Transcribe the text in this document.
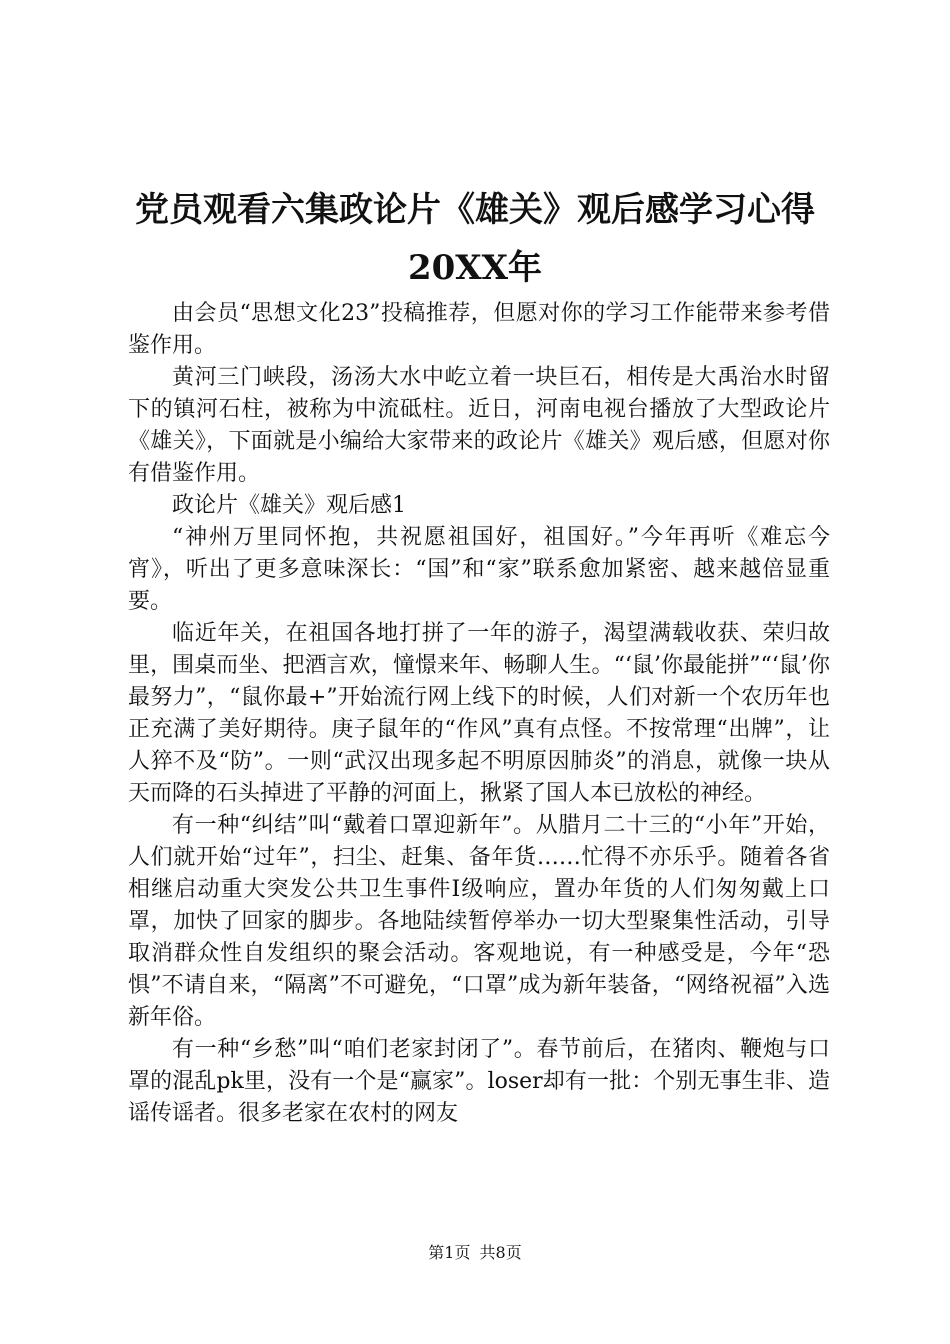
党员观看六集政论片《雄关》观后感学习心得
20XX年

由会员“思想文化23”投稿推荐，但愿对你的学习工作能带来参考借鉴作用。

黄河三门峡段，汤汤大水中屹立着一块巨石，相传是大禹治水时留下的镇河石柱，被称为中流砥柱。近日，河南电视台播放了大型政论片《雄关》，下面就是小编给大家带来的政论片《雄关》观后感，但愿对你有借鉴作用。

政论片《雄关》观后感1

“神州万里同怀抱，共祝愿祖国好，祖国好。”今年再听《难忘今宵》，听出了更多意味深长：“国”和“家”联系愈加紧密、越来越倍显重要。

临近年关，在祖国各地打拼了一年的游子，渴望满载收获、荣归故里，围桌而坐、把酒言欢，憧憬来年、畅聊人生。“‘鼠’你最能拼”“‘鼠’你最努力”，“鼠你最+”开始流行网上线下的时候，人们对新一个农历年也正充满了美好期待。庚子鼠年的“作风”真有点怪。不按常理“出牌”，让人猝不及“防”。一则“武汉出现多起不明原因肺炎”的消息，就像一块从天而降的石头掉进了平静的河面上，揪紧了国人本已放松的神经。

有一种“纠结”叫“戴着口罩迎新年”。从腊月二十三的“小年”开始，人们就开始“过年”，扫尘、赶集、备年货……忙得不亦乐乎。随着各省相继启动重大突发公共卫生事件Ⅰ级响应，置办年货的人们匆匆戴上口罩，加快了回家的脚步。各地陆续暂停举办一切大型聚集性活动，引导取消群众性自发组织的聚会活动。客观地说，有一种感受是，今年“恐惧”不请自来，“隔离”不可避免，“口罩”成为新年装备，“网络祝福”入选新年俗。

有一种“乡愁”叫“咱们老家封闭了”。春节前后，在猪肉、鞭炮与口罩的混乱pk里，没有一个是“赢家”。loser却有一批：个别无事生非、造谣传谣者。很多老家在农村的网友

第1页 共8页
